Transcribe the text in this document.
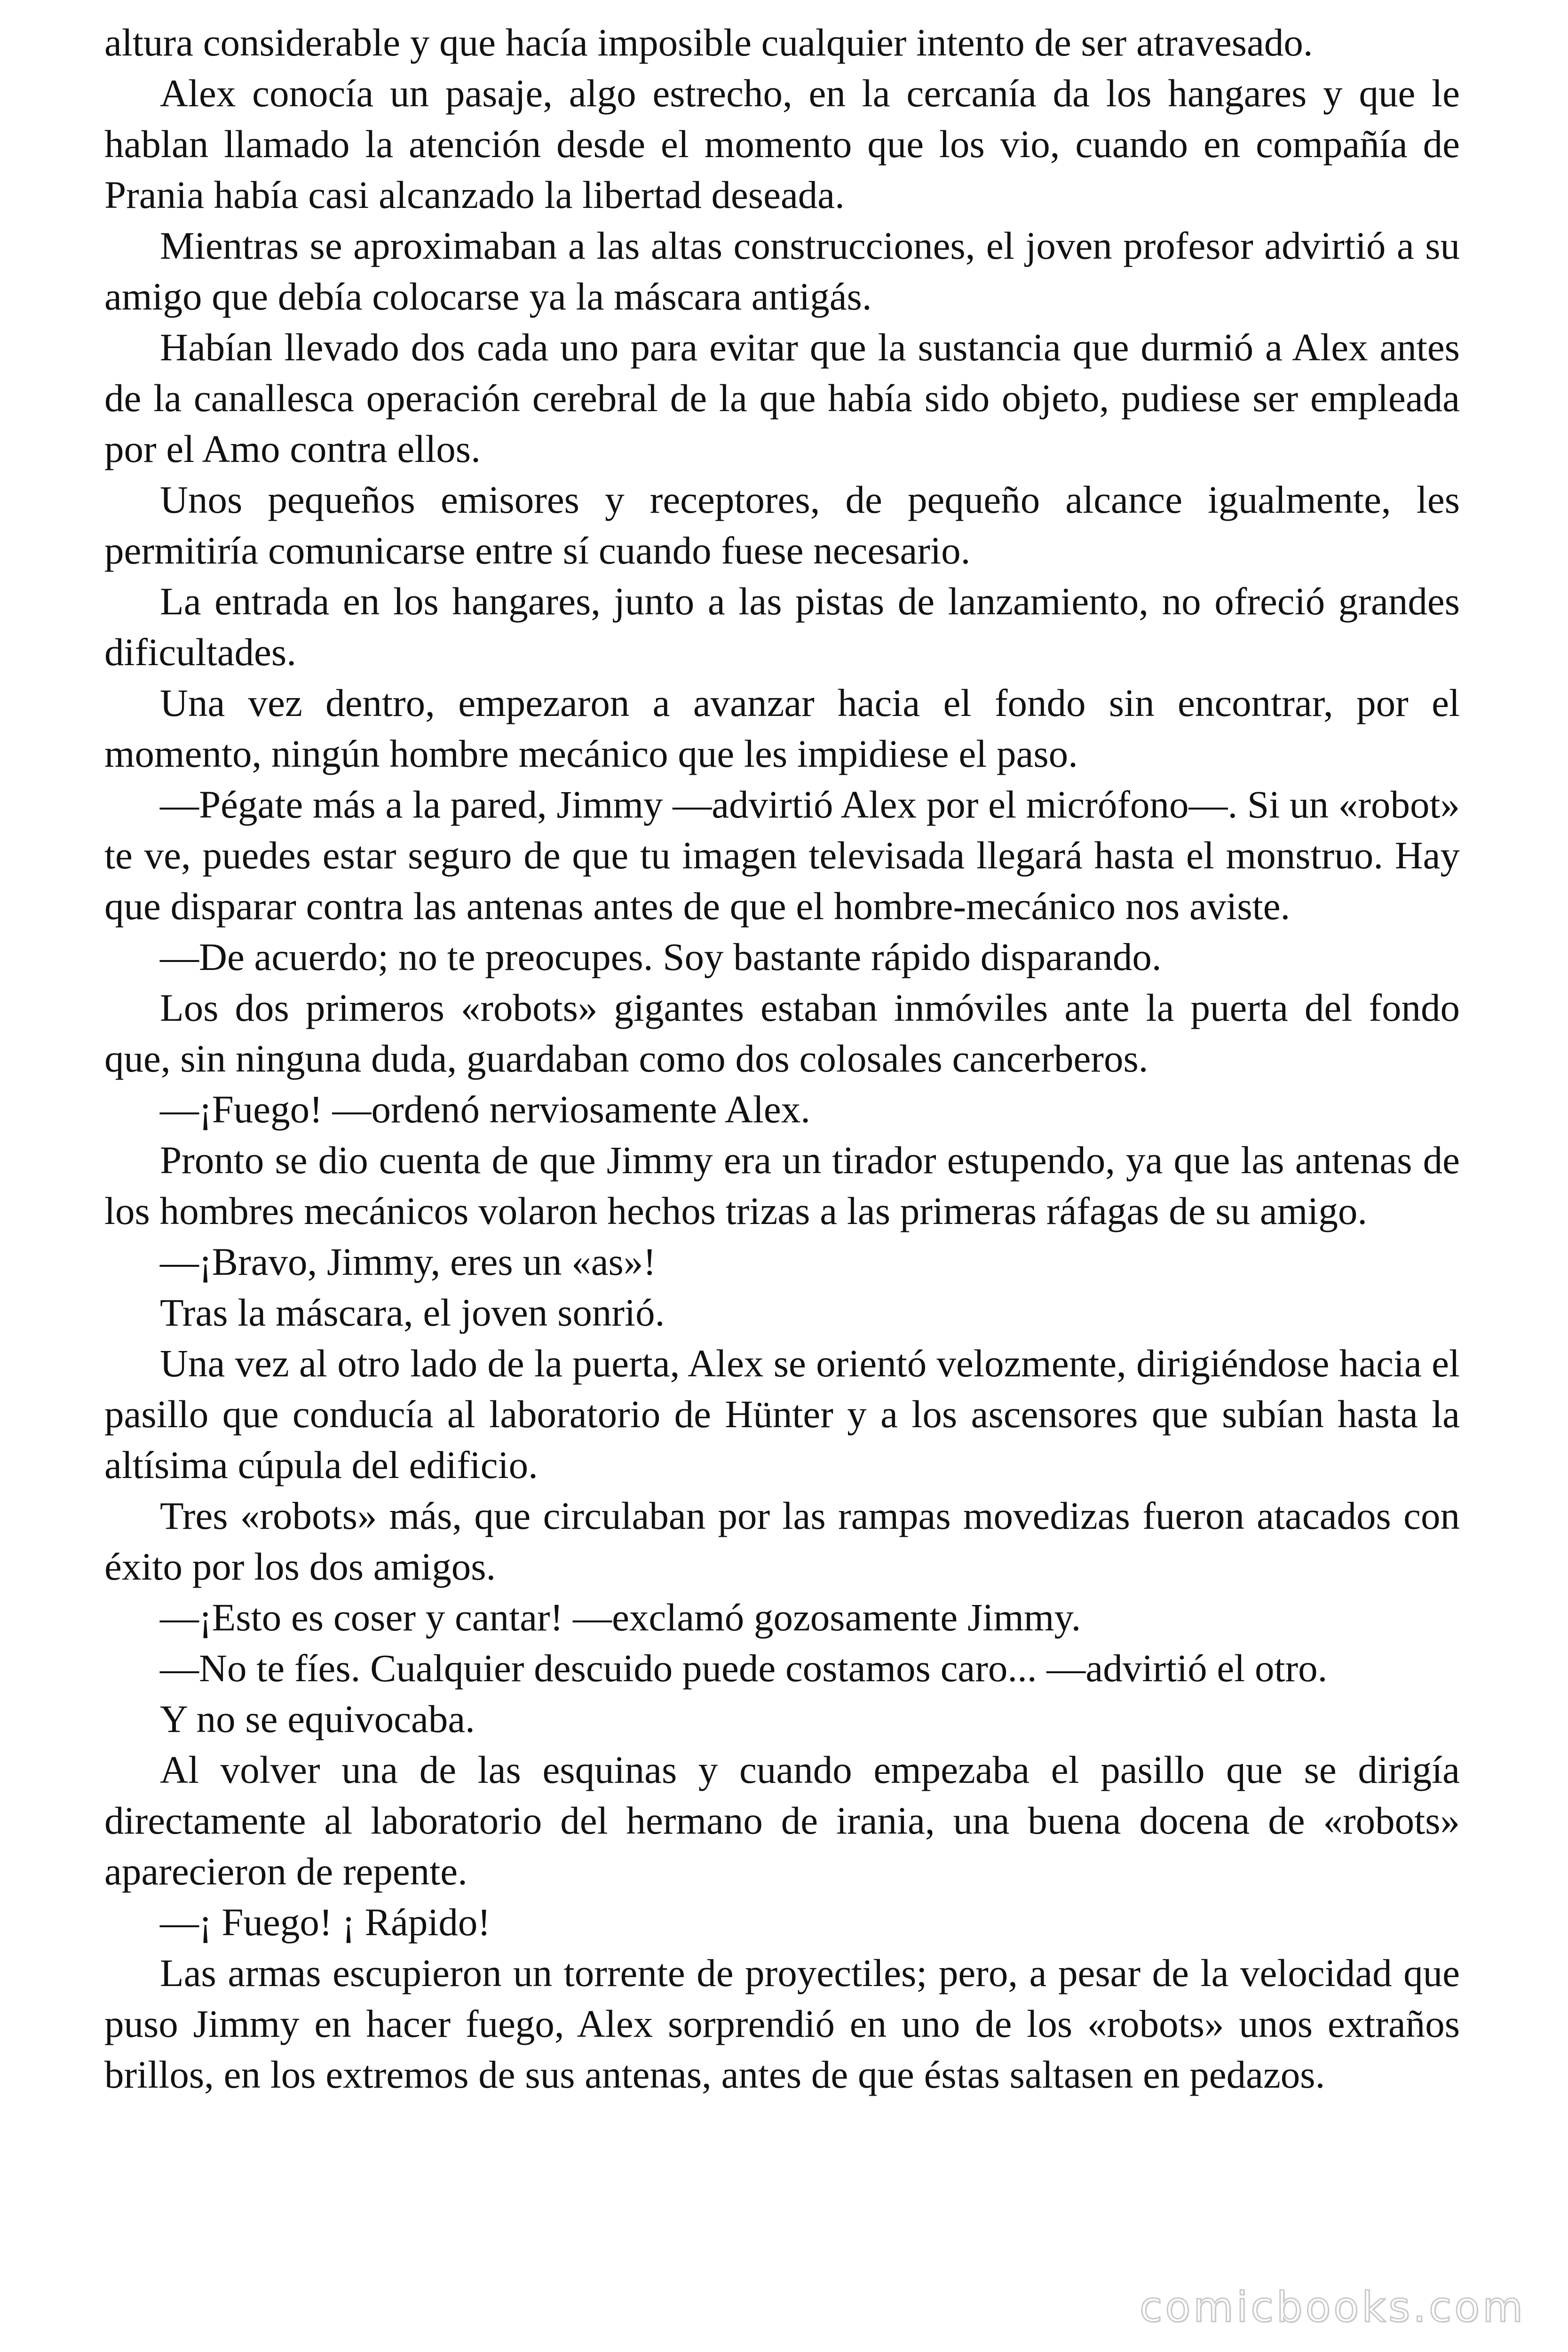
altura considerable y que hacía imposible cualquier intento de ser atravesado.

Alex conocía un pasaje, algo estrecho, en la cercanía da los hangares y que le hablan llamado la atención desde el momento que los vio, cuando en compañía de Prania había casi alcanzado la libertad deseada.

Mientras se aproximaban a las altas construcciones, el joven profesor advirtió a su amigo que debía colocarse ya la máscara antigás.

Habían llevado dos cada uno para evitar que la sustancia que durmió a Alex antes de la canallesca operación cerebral de la que había sido objeto, pudiese ser empleada por el Amo contra ellos.

Unos pequeños emisores y receptores, de pequeño alcance igualmente, les permitiría comunicarse entre sí cuando fuese necesario.

La entrada en los hangares, junto a las pistas de lanzamiento, no ofreció grandes dificultades.

Una vez dentro, empezaron a avanzar hacia el fondo sin encontrar, por el momento, ningún hombre mecánico que les impidiese el paso.

—Pégate más a la pared, Jimmy —advirtió Alex por el micrófono—. Si un «robot» te ve, puedes estar seguro de que tu imagen televisada llegará hasta el monstruo. Hay que disparar contra las antenas antes de que el hombre-mecánico nos aviste.

—De acuerdo; no te preocupes. Soy bastante rápido disparando.

Los dos primeros «robots» gigantes estaban inmóviles ante la puerta del fondo que, sin ninguna duda, guardaban como dos colosales cancerberos.

—¡Fuego! —ordenó nerviosamente Alex.

Pronto se dio cuenta de que Jimmy era un tirador estupendo, ya que las antenas de los hombres mecánicos volaron hechos trizas a las primeras ráfagas de su amigo.

—¡Bravo, Jimmy, eres un «as»!

Tras la máscara, el joven sonrió.

Una vez al otro lado de la puerta, Alex se orientó velozmente, dirigiéndose hacia el pasillo que conducía al laboratorio de Hünter y a los ascensores que subían hasta la altísima cúpula del edificio.

Tres «robots» más, que circulaban por las rampas movedizas fueron atacados con éxito por los dos amigos.

—¡Esto es coser y cantar! —exclamó gozosamente Jimmy.

—No te fíes. Cualquier descuido puede costamos caro... —advirtió el otro.

Y no se equivocaba.

Al volver una de las esquinas y cuando empezaba el pasillo que se dirigía directamente al laboratorio del hermano de irania, una buena docena de «robots» aparecieron de repente.

—¡ Fuego! ¡ Rápido!

Las armas escupieron un torrente de proyectiles; pero, a pesar de la velocidad que puso Jimmy en hacer fuego, Alex sorprendió en uno de los «robots» unos extraños brillos, en los extremos de sus antenas, antes de que éstas saltasen en pedazos.

comicbooks.com
